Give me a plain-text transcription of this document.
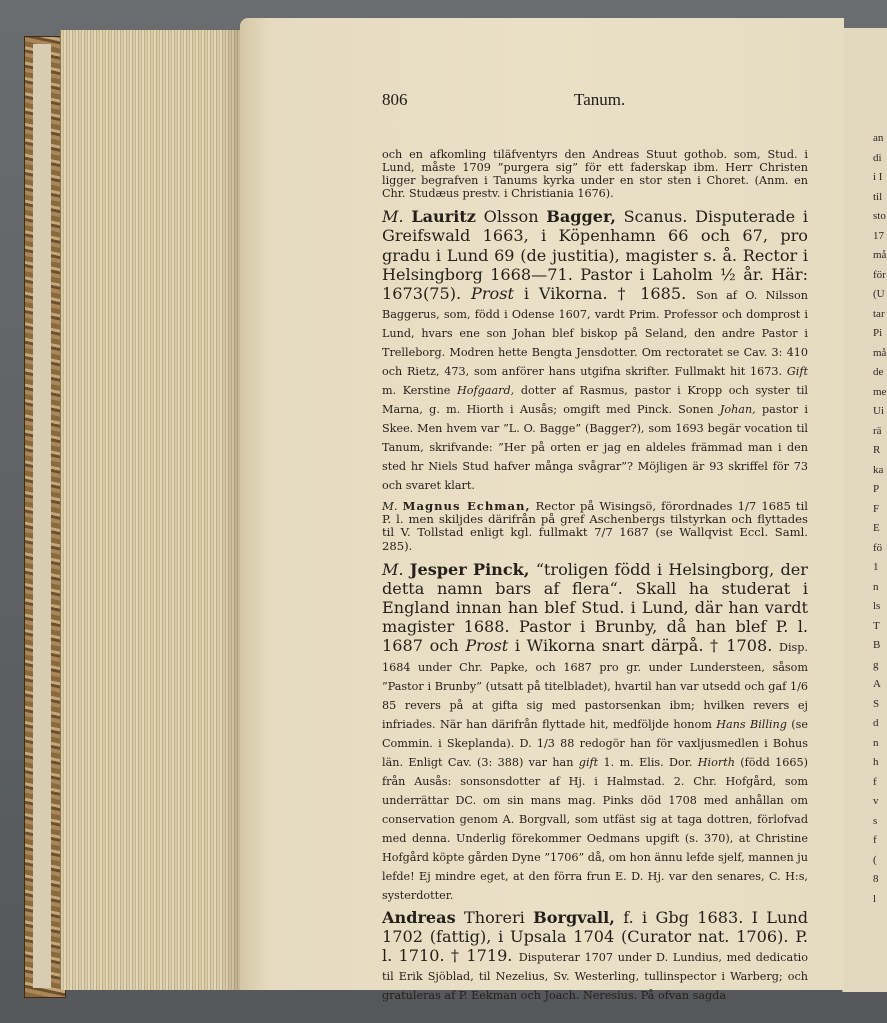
an
di
i I
til
sto
17
må
för
(U
tar
Pi
må
de
me
Ui
rä
R
ka
P
F
E
fö
1
n
ls
T
B
g
A
S
d
n
h
f
v
s
f
(
8
l
806	Tanum.

och en afkomling tiläfventyrs den Andreas Stuut gothob. som, Stud. i Lund, måste 1709 ”purgera sig” för ett faderskap ibm. Herr Christen ligger begrafven i Tanums kyrka under en stor sten i Choret. (Anm. en Chr. Studæus prestv. i Christiania 1676).

M. Lauritz Olsson Bagger, Scanus. Disputerade i Greifswald 1663, i Köpenhamn 66 och 67, pro gradu i Lund 69 (de justitia), magister s. å. Rector i Helsingborg 1668—71. Pastor i Laholm ½ år. Här: 1673(75). Prost i Vikorna. † 1685. Son af O. Nilsson Baggerus, som, född i Odense 1607, vardt Prim. Professor och domprost i Lund, hvars ene son Johan blef biskop på Seland, den andre Pastor i Trelleborg. Modren hette Bengta Jensdotter. Om rectoratet se Cav. 3: 410 och Rietz, 473, som anförer hans utgifna skrifter. Fullmakt hit 1673. Gift m. Kerstine Hofgaard, dotter af Rasmus, pastor i Kropp och syster til Marna, g. m. Hiorth i Ausås; omgift med Pinck. Sonen Johan, pastor i Skee. Men hvem var ”L. O. Bagge” (Bagger?), som 1693 begär vocation til Tanum, skrifvande: ”Her på orten er jag en aldeles främmad man i den sted hr Niels Stud hafver många svågrar”? Möjligen är 93 skriffel för 73 och svaret klart.

M. Magnus Echman, Rector på Wisingsö, förordnades 1/7 1685 til P. l. men skiljdes därifrån på gref Aschenbergs tilstyrkan och flyttades til V. Tollstad enligt kgl. fullmakt 7/7 1687 (se Wallqvist Eccl. Saml. 285).

M. Jesper Pinck, “troligen född i Helsingborg, der detta namn bars af flera“. Skall ha studerat i England innan han blef Stud. i Lund, där han vardt magister 1688. Pastor i Brunby, då han blef P. l. 1687 och Prost i Wikorna snart därpå. † 1708. Disp. 1684 under Chr. Papke, och 1687 pro gr. under Lundersteen, såsom ”Pastor i Brunby” (utsatt på titelbladet), hvartil han var utsedd och gaf 1/6 85 revers på at gifta sig med pastorsenkan ibm; hvilken revers ej infriades. När han därifrån flyttade hit, medföljde honom Hans Billing (se Commin. i Skeplanda). D. 1/3 88 redogör han för vaxljusmedlen i Bohus län. Enligt Cav. (3: 388) var han gift 1. m. Elis. Dor. Hiorth (född 1665) från Ausås: sonsonsdotter af Hj. i Halmstad. 2. Chr. Hofgård, som underrättar DC. om sin mans mag. Pinks död 1708 med anhållan om conservation genom A. Borgvall, som utfäst sig at taga dottren, förlofvad med denna. Underlig förekommer Oedmans upgift (s. 370), at Christine Hofgård köpte gården Dyne ”1706” då, om hon ännu lefde sjelf, mannen ju lefde! Ej mindre eget, at den förra frun E. D. Hj. var den senares, C. H:s, systerdotter.

Andreas Thoreri Borgvall, f. i Gbg 1683. I Lund 1702 (fattig), i Upsala 1704 (Curator nat. 1706). P. l. 1710. † 1719. Disputerar 1707 under D. Lundius, med dedicatio til Erik Sjöblad, til Nezelius, Sv. Westerling, tullinspector i Warberg; och gratuleras af P. Eekman och Joach. Neresius. På ofvan sagda
